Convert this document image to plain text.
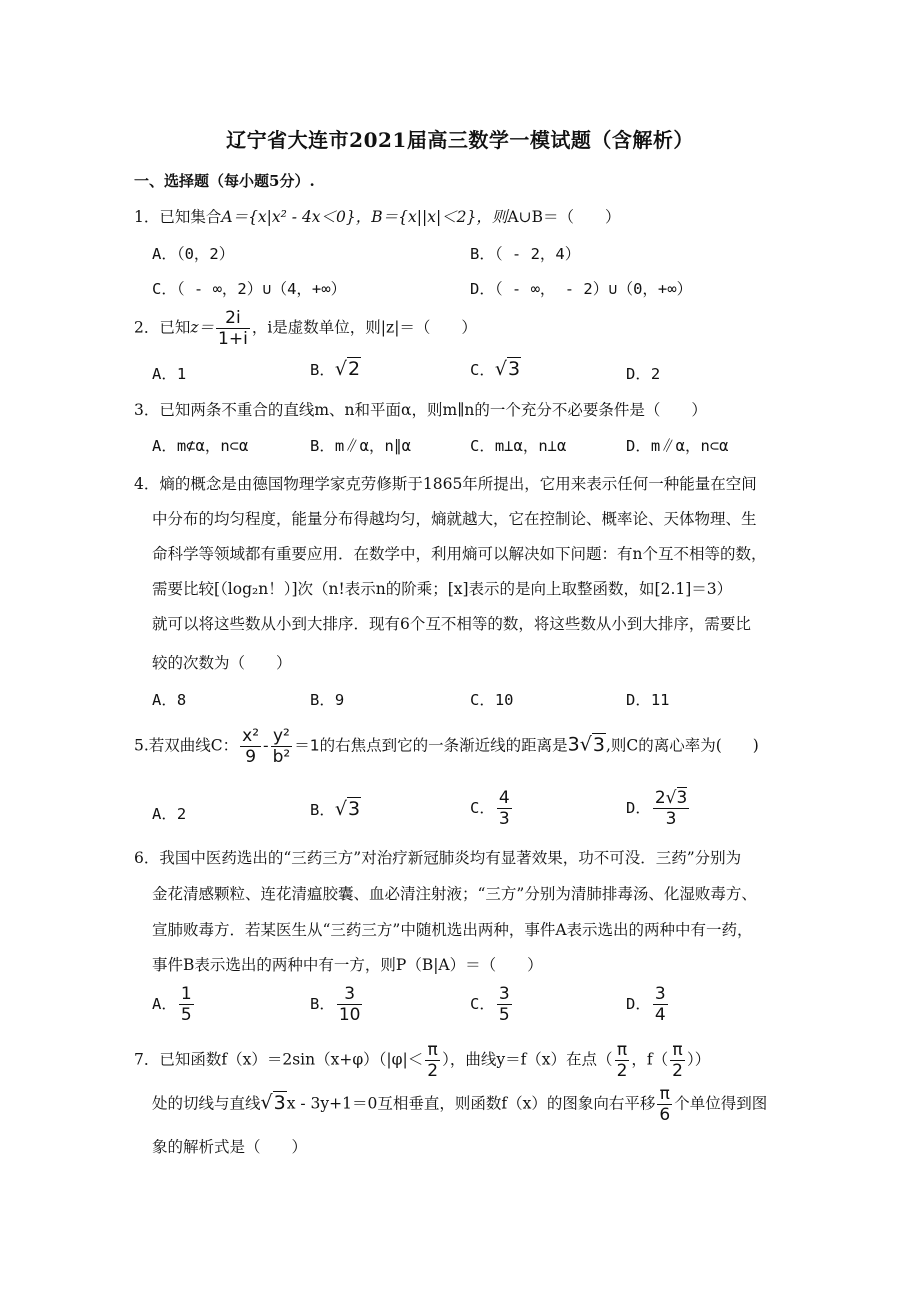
辽宁省大连市2021届高三数学一模试题（含解析）
一、选择题（每小题5分）.
1．已知集合A＝{x|x² - 4x＜0}，B＝{x||x|＜2}，则A∪B＝（　　）
A．（0，2）	B．（ - 2，4）
C．（ - ∞，2）∪（4，+∞）	D．（ - ∞， - 2）∪（0，+∞）
2．已知$z= \frac{2i}{1+i}$ ，i是虚数单位，则|z|＝（　　）
A．1	B．√2	C．√3	D．2
3．已知两条不重合的直线m、n和平面α，则m∥n的一个充分不必要条件是（　　）
A．m⊄α，n⊂α	B．m∥α，n∥α	C．m⊥α，n⊥α	D．m∥α，n⊂α
4．熵的概念是由德国物理学家克劳修斯于1865年所提出，它用来表示任何一种能量在空间
中分布的均匀程度，能量分布得越均匀，熵就越大，它在控制论、概率论、天体物理、生
命科学等领域都有重要应用．在数学中，利用熵可以解决如下问题：有n个互不相等的数，
需要比较[（log₂n！）]次（n!表示n的阶乘；[x]表示的是向上取整函数，如[2.1]＝3）
就可以将这些数从小到大排序．现有6个互不相等的数，将这些数从小到大排序，需要比
较的次数为（　　）
A．8	B．9	C．10	D．11
5.若双曲线C： $\frac{\text{x²}}{9} - \frac{\text{y²}}{\text{b²}} =1$的右焦点到它的一条渐近线的距离是3√3,则C的离心率为(　　)
A．2	B．√3	C． $\frac{4}{3}$	D． $\frac{2√3}{3}$
6．我国中医药选出的“三药三方”对治疗新冠肺炎均有显著效果，功不可没．三药”分别为
金花清感颗粒、连花清瘟胶囊、血必清注射液；“三方”分别为清肺排毒汤、化湿败毒方、
宣肺败毒方．若某医生从“三药三方”中随机选出两种，事件A表示选出的两种中有一药，
事件B表示选出的两种中有一方，则P（B|A）＝（　　）
A． $\frac{1}{5}$	B． $\frac{3}{10}$	C． $\frac{3}{5}$	D． $\frac{3}{4}$
7．已知函数$f(x)=2\sin(x+\varphi)(|\varphi|< \frac{\pi}{2}$ ），曲线y＝f（x）在点（ $\frac{\pi}{2}$ ，$f( \frac{\pi}{2}$ ））
处的切线与直线√3x - 3y+1＝0互相垂直，则函数f（x）的图象向右平移 $\frac{\pi}{6}$ 个单位得到图
象的解析式是（　　）
